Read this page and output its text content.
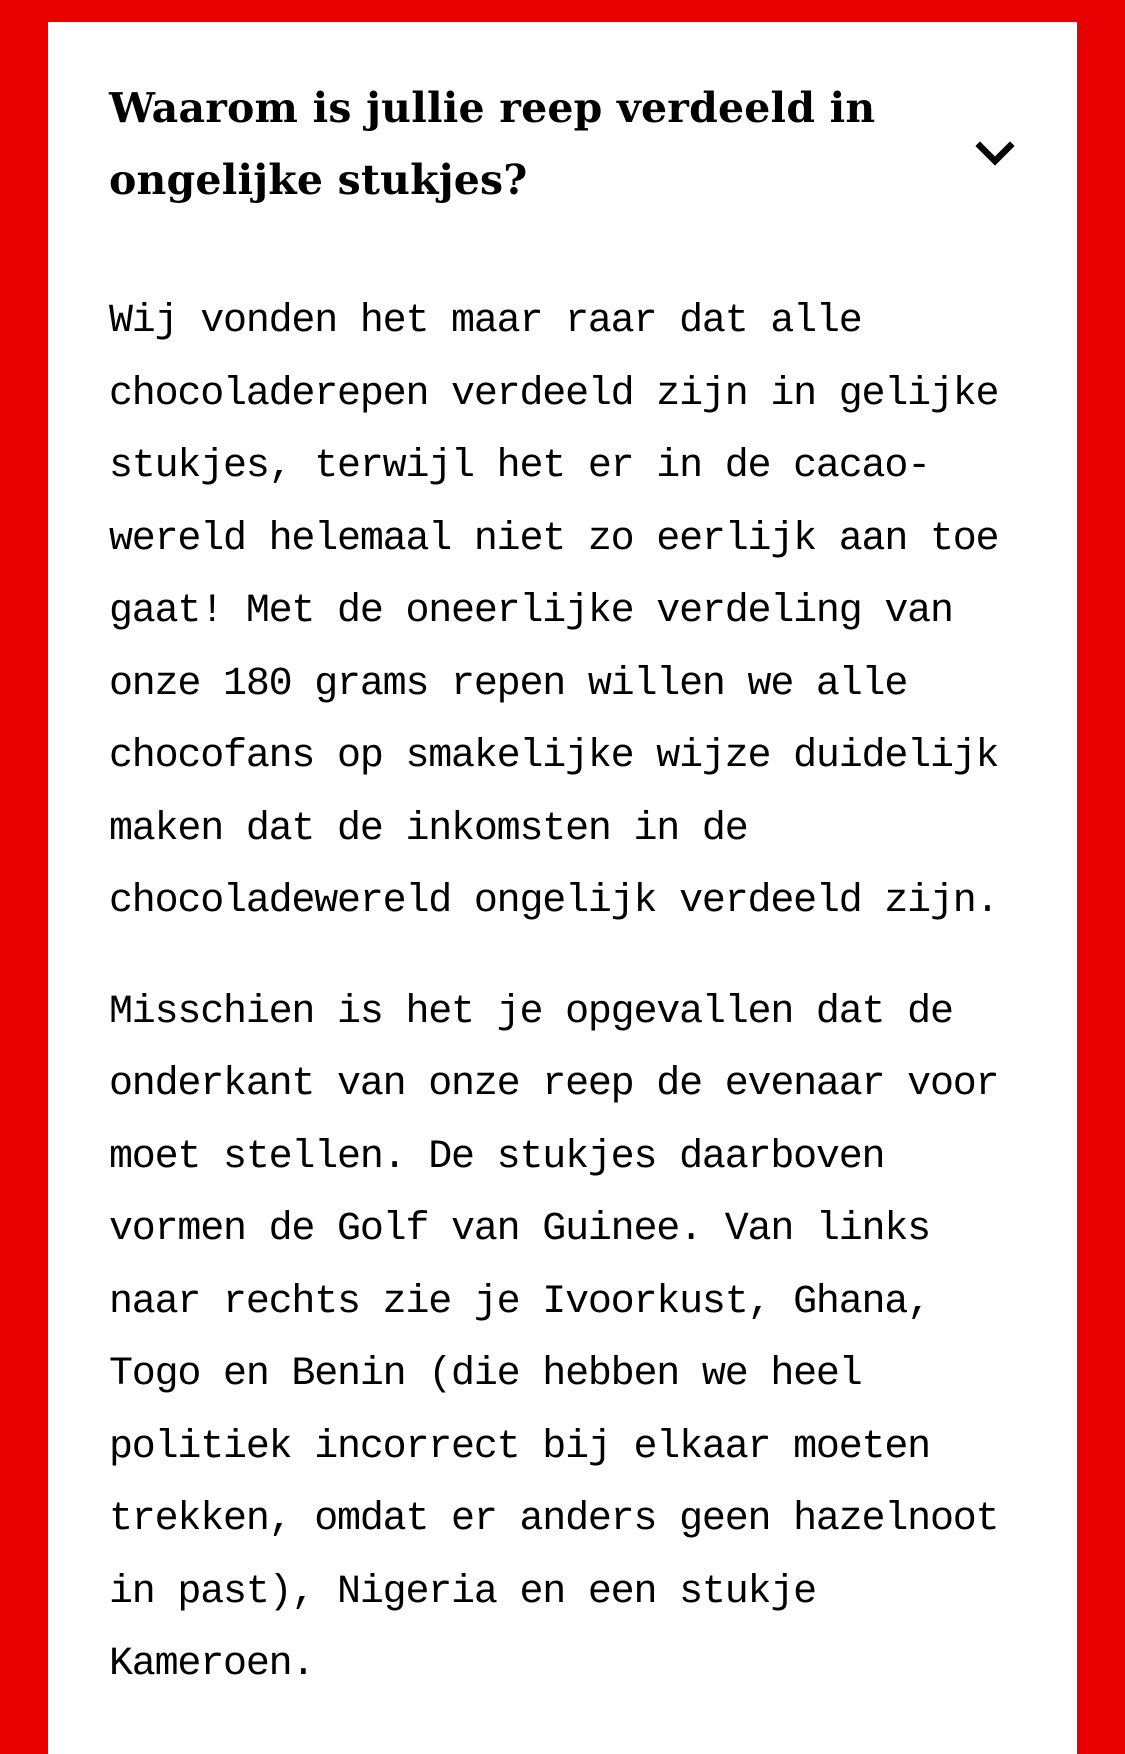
Waarom is jullie reep verdeeld in ongelijke stukjes?

Wij vonden het maar raar dat alle chocoladerepen verdeeld zijn in gelijke stukjes, terwijl het er in de cacao-wereld helemaal niet zo eerlijk aan toe gaat! Met de oneerlijke verdeling van onze 180 grams repen willen we alle chocofans op smakelijke wijze duidelijk maken dat de inkomsten in de chocoladewereld ongelijk verdeeld zijn.

Misschien is het je opgevallen dat de onderkant van onze reep de evenaar voor moet stellen. De stukjes daarboven vormen de Golf van Guinee. Van links naar rechts zie je Ivoorkust, Ghana, Togo en Benin (die hebben we heel politiek incorrect bij elkaar moeten trekken, omdat er anders geen hazelnoot in past), Nigeria en een stukje Kameroen.
